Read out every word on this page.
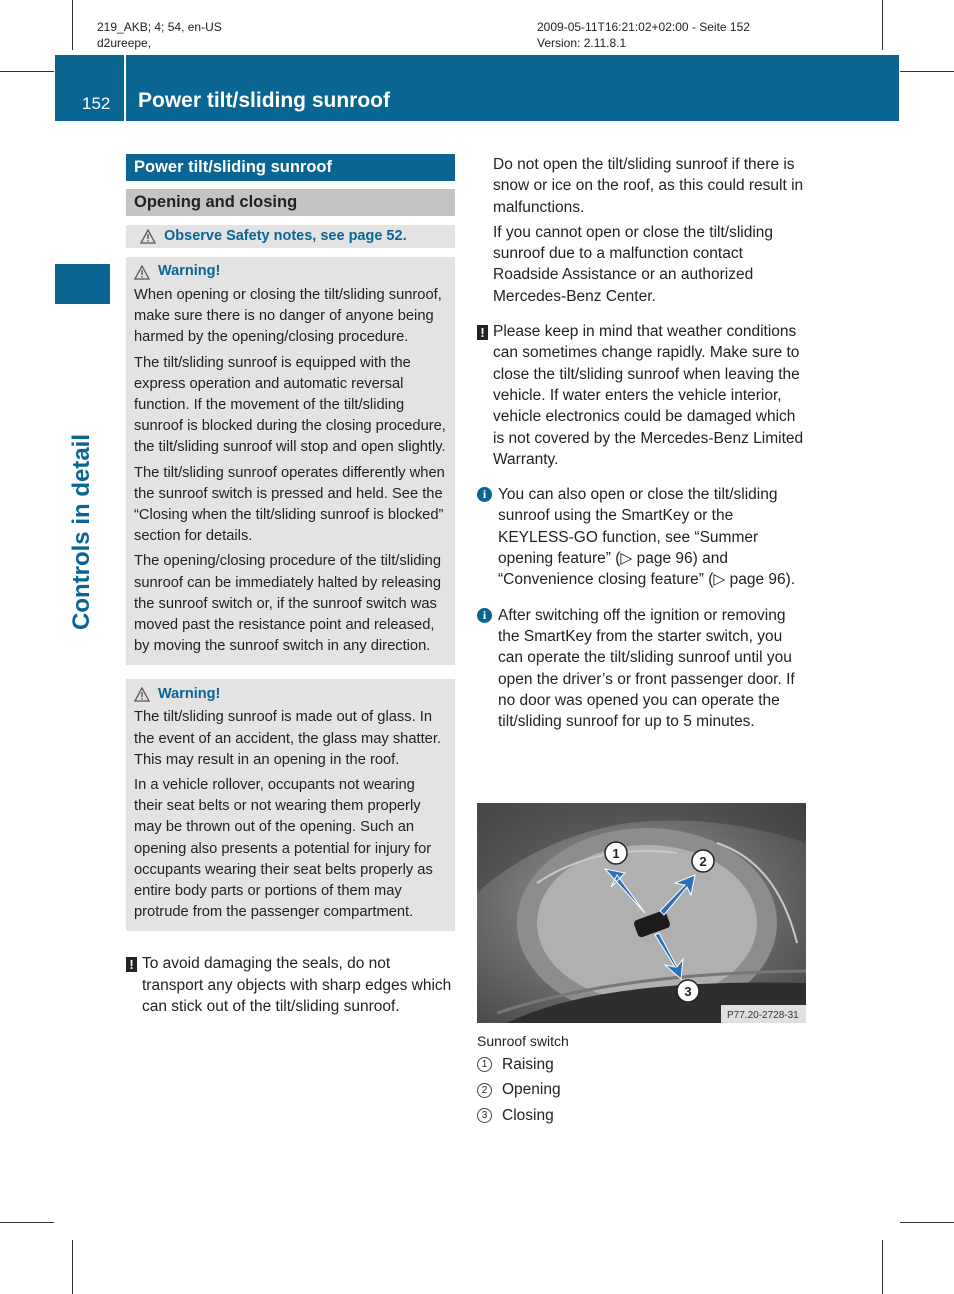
219_AKB; 4; 54, en-US
d2ureepe,
2009-05-11T16:21:02+02:00 - Seite 152
Version: 2.11.8.1
152 Power tilt/sliding sunroof
Controls in detail
Power tilt/sliding sunroof
Opening and closing
Observe Safety notes, see page 52.
Warning!

When opening or closing the tilt/sliding sunroof, make sure there is no danger of anyone being harmed by the opening/closing procedure.

The tilt/sliding sunroof is equipped with the express operation and automatic reversal function. If the movement of the tilt/sliding sunroof is blocked during the closing procedure, the tilt/sliding sunroof will stop and open slightly.

The tilt/sliding sunroof operates differently when the sunroof switch is pressed and held. See the “Closing when the tilt/sliding sunroof is blocked” section for details.

The opening/closing procedure of the tilt/sliding sunroof can be immediately halted by releasing the sunroof switch or, if the sunroof switch was moved past the resistance point and released, by moving the sunroof switch in any direction.

Warning!

The tilt/sliding sunroof is made out of glass. In the event of an accident, the glass may shatter. This may result in an opening in the roof.

In a vehicle rollover, occupants not wearing their seat belts or not wearing them properly may be thrown out of the opening. Such an opening also presents a potential for injury for occupants wearing their seat belts properly as entire body parts or portions of them may protrude from the passenger compartment.

! To avoid damaging the seals, do not transport any objects with sharp edges which can stick out of the tilt/sliding sunroof.

Do not open the tilt/sliding sunroof if there is snow or ice on the roof, as this could result in malfunctions.

If you cannot open or close the tilt/sliding sunroof due to a malfunction contact Roadside Assistance or an authorized Mercedes-Benz Center.

! Please keep in mind that weather conditions can sometimes change rapidly. Make sure to close the tilt/sliding sunroof when leaving the vehicle. If water enters the vehicle interior, vehicle electronics could be damaged which is not covered by the Mercedes-Benz Limited Warranty.
i You can also open or close the tilt/sliding sunroof using the SmartKey or the KEYLESS-GO function, see “Summer opening feature” (▷ page 96) and “Convenience closing feature” (▷ page 96).
i After switching off the ignition or removing the SmartKey from the starter switch, you can operate the tilt/sliding sunroof until you open the driver’s or front passenger door. If no door was opened you can operate the tilt/sliding sunroof for up to 5 minutes.
1
2
3
P77.20-2728-31
Sunroof switch
1 Raising
2 Opening
3 Closing
